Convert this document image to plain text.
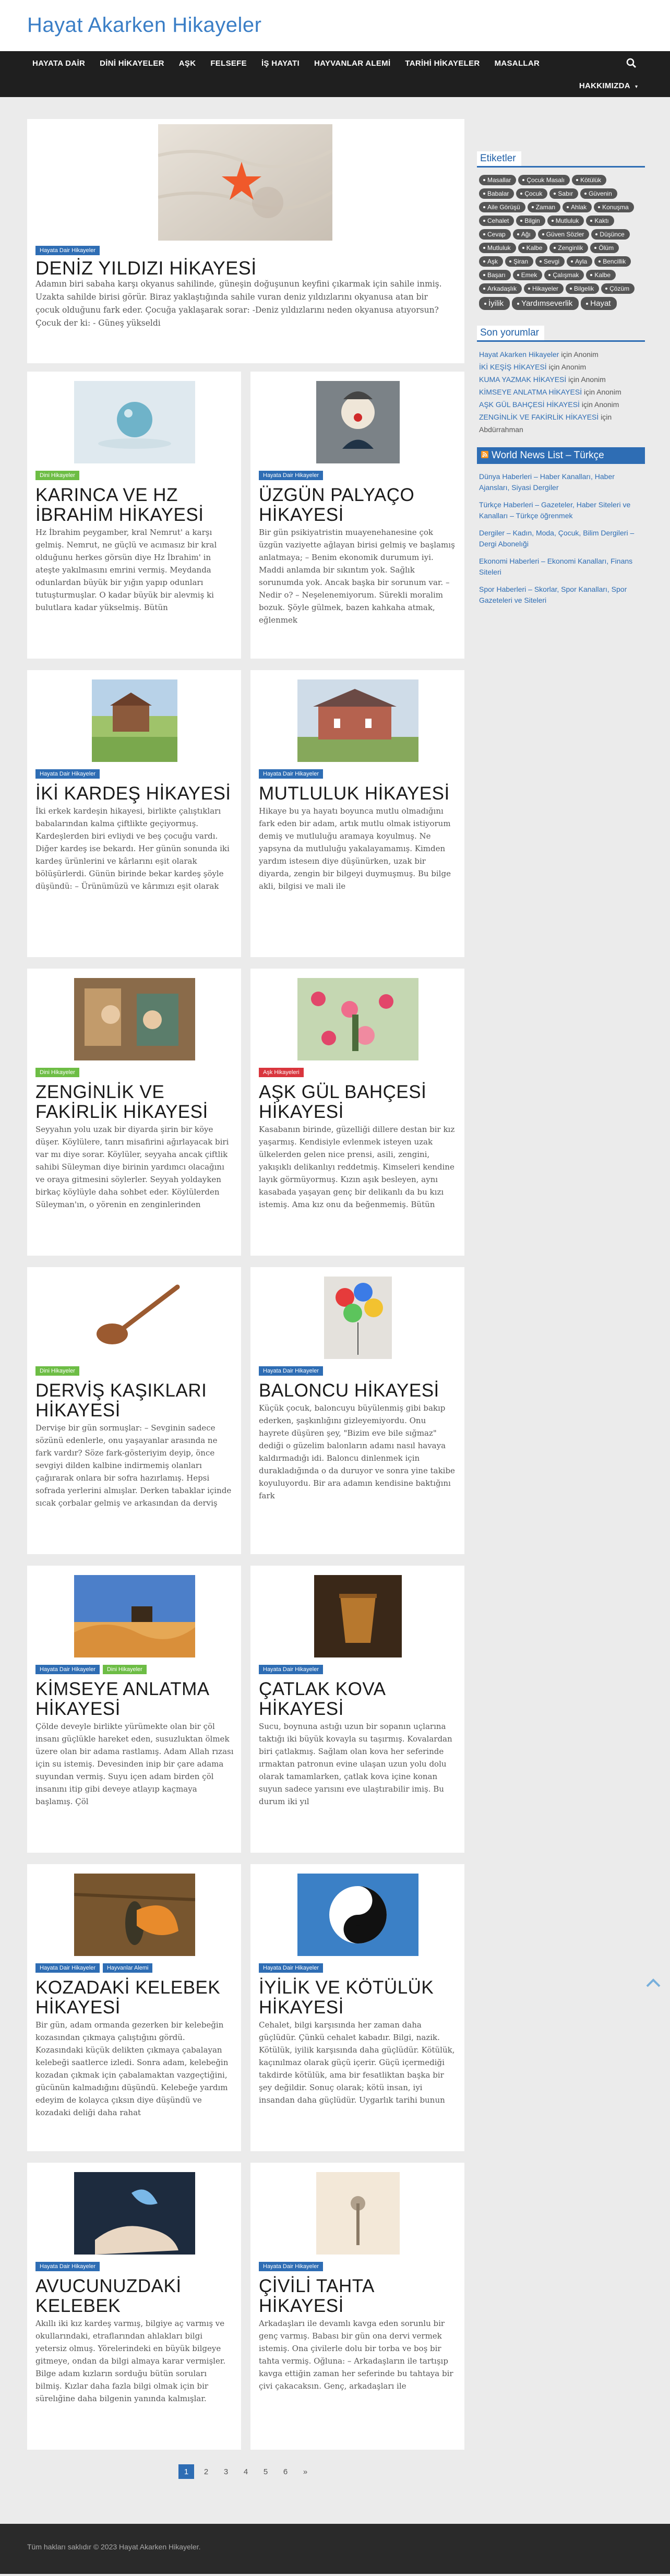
Hayat Akarken Hikayeler
HAYATA DAİR	DİNİ HİKAYELER	AŞK	FELSEFE	İŞ HAYATI	HAYVANLAR ALEMİ	TARİHİ HİKAYELER	MASALLAR
HAKKIMIZDA ▾
Hayata Dair Hikayeler
DENİZ YILDIZI HİKAYESİ

Adamın biri sabaha karşı okyanus sahilinde, güneşin doğuşunun keyfini çıkarmak için sahile inmiş. Uzakta sahilde birisi görür. Biraz yaklaştığında sahile vuran deniz yıldızlarını okyanusa atan bir çocuk olduğunu fark eder. Çocuğa yaklaşarak sorar: -Deniz yıldızlarını neden okyanusa atıyorsun? Çocuk der ki: - Güneş yükseldi

Dini Hikayeler
KARINCA VE HZ İBRAHİM HİKAYESİ

Hz İbrahim peygamber, kral Nemrut' a karşı gelmiş. Nemrut, ne güçlü ve acımasız bir kral olduğunu herkes görsün diye Hz İbrahim' in ateşte yakılmasını emrini vermiş. Meydanda odunlardan büyük bir yığın yapıp odunları tutuşturmuşlar. O kadar büyük bir alevmiş ki bulutlara kadar yükselmiş. Bütün

Hayata Dair Hikayeler
ÜZGÜN PALYAÇO HİKAYESİ

Bir gün psikiyatristin muayenehanesine çok üzgün vaziyette ağlayan birisi gelmiş ve başlamış anlatmaya; – Benim ekonomik durumum iyi. Maddi anlamda bir sıkıntım yok. Sağlık sorunumda yok. Ancak başka bir sorunum var. – Nedir o? – Neşelenemiyorum. Sürekli moralim bozuk. Şöyle gülmek, bazen kahkaha atmak, eğlenmek

Hayata Dair Hikayeler
İKİ KARDEŞ HİKAYESİ

İki erkek kardeşin hikayesi, birlikte çalıştıkları babalarından kalma çiftlikte geçiyormuş. Kardeşlerden biri evliydi ve beş çocuğu vardı. Diğer kardeş ise bekardı. Her günün sonunda iki kardeş ürünlerini ve kârlarını eşit olarak bölüşürlerdi. Günün birinde bekar kardeş şöyle düşündü: – Ürünümüzü ve kârımızı eşit olarak

Hayata Dair Hikayeler
MUTLULUK HİKAYESİ

Hikaye bu ya hayatı boyunca mutlu olmadığını fark eden bir adam, artık mutlu olmak istiyorum demiş ve mutluluğu aramaya koyulmuş. Ne yapsyna da mutluluğu yakalayamamış. Kimden yardım isteseın diye düşünürken, uzak bir diyarda, zengin bir bilgeyi duymuşmuş. Bu bilge akli, bilgisi ve mali ile

Dini Hikayeler
ZENGİNLİK VE FAKİRLİK HİKAYESİ

Seyyahın yolu uzak bir diyarda şirin bir köye düşer. Köylülere, tanrı misafirini ağırlayacak biri var mı diye sorar. Köylüler, seyyaha ancak çiftlik sahibi Süleyman diye birinin yardımcı olacağını ve oraya gitmesini söylerler. Seyyah yoldayken birkaç köylüyle daha sohbet eder. Köylülerden Süleyman'ın, o yörenin en zenginlerinden

Aşk Hikayeleri
AŞK GÜL BAHÇESİ HİKAYESİ

Kasabanın birinde, güzelliği dillere destan bir kız yaşarmış. Kendisiyle evlenmek isteyen uzak ülkelerden gelen nice prensi, asili, zengini, yakışıklı delikanlıyı reddetmiş. Kimseleri kendine layık görmüyormuş. Kızın aşık besleyen, aynı kasabada yaşayan genç bir delikanlı da bu kızı istemiş. Ama kız onu da beğenmemiş. Bütün

Dini Hikayeler
DERVİŞ KAŞIKLARI HİKAYESİ

Dervişe bir gün sormuşlar: – Sevginin sadece sözünü edenlerle, onu yaşayanlar arasında ne fark vardır? Söze fark-gösteriyim deyip, önce sevgiyi dilden kalbine indirmemiş olanları çağırarak onlara bir sofra hazırlamış. Hepsi sofrada yerlerini almışlar. Derken tabaklar içinde sıcak çorbalar gelmiş ve arkasından da derviş

Hayata Dair Hikayeler
BALONCU HİKAYESİ

Küçük çocuk, baloncuyu büyülenmiş gibi bakıp ederken, şaşkınlığını gizleyemiyordu. Onu hayrete düşüren şey, "Bizim eve bile sığmaz" dediği o güzelim balonların adamı nasıl havaya kaldırmadığı idi. Baloncu dinlenmek için durakladığında o da duruyor ve sonra yine takibe koyuluyordu. Bir ara adamın kendisine baktığını fark

Hayata Dair Hikayeler	Dini Hikayeler
KİMSEYE ANLATMA HİKAYESİ

Çölde deveyle birlikte yürümekte olan bir çöl insanı güçlükle hareket eden, susuzluktan ölmek üzere olan bir adama rastlamış. Adam Allah rızası için su istemiş. Devesinden inip bir çare adama suyundan vermiş. Suyu içen adam birden çöl insanını itip gibi deveye atlayıp kaçmaya başlamış. Çöl

Hayata Dair Hikayeler
ÇATLAK KOVA HİKAYESİ

Sucu, boynuna astığı uzun bir sopanın uçlarına taktığı iki büyük kovayla su taşırmış. Kovalardan biri çatlakmış. Sağlam olan kova her seferinde ırmaktan patronun evine ulaşan uzun yolu dolu olarak tamamlarken, çatlak kova içine konan suyun sadece yarısını eve ulaştırabilir imiş. Bu durum iki yıl

Hayata Dair Hikayeler	Hayvanlar Alemi
KOZADAKİ KELEBEK HİKAYESİ

Bir gün, adam ormanda gezerken bir kelebeğin kozasından çıkmaya çalıştığını gördü. Kozasındaki küçük delikten çıkmaya çabalayan kelebeği saatlerce izledi. Sonra adam, kelebeğin kozadan çıkmak için çabalamaktan vazgeçtiğini, gücünün kalmadığını düşündü. Kelebeğe yardım edeyim de kolayca çıksın diye düşündü ve kozadaki deliği daha rahat

Hayata Dair Hikayeler
İYİLİK VE KÖTÜLÜK HİKAYESİ

Cehalet, bilgi karşısında her zaman daha güçlüdür. Çünkü cehalet kabadır. Bilgi, nazik. Kötülük, iyilik karşısında daha güçlüdür. Kötülük, kaçınılmaz olarak güçü içerir. Güçü içermediği takdirde kötülük, ama bir fesatliktan başka bir şey değildir. Sonuç olarak; kötü insan, iyi insandan daha güçlüdür. Uygarlık tarihi bunun

Hayata Dair Hikayeler
AVUCUNUZDAKİ KELEBEK

Akıllı iki kız kardeş varmış, bilgiye aç varmış ve okullarındaki, etraflarından ahlakları bilgi yetersiz olmuş. Yörelerindeki en büyük bilgeye gitmeye, ondan da bilgi almaya karar vermişler. Bilge adam kızların sorduğu bütün soruları bilmiş. Kızlar daha fazla bilgi olmak için bir sürelığine daha bilgenin yanında kalmışlar.

Hayata Dair Hikayeler
ÇİVİLİ TAHTA HİKAYESİ

Arkadaşları ile devamlı kavga eden sorunlu bir genç varmış. Babası bir gün ona dervi vermek istemiş. Ona çivilerle dolu bir torba ve boş bir tahta vermiş. Oğluna: – Arkadaşların ile tartışıp kavga ettiğin zaman her seferinde bu tahtaya bir çivi çakacaksın. Genç, arkadaşları ile

1	2	3	4	5	6	»
Etiketler
Masallar	Çocuk Masalı	Kötülük
Babalar	Çocuk	Sabır	Güvenin
Aile Görüşü	Zaman	Ahlak	Konuşma
Cehalet	Bilgin	Mutluluk	Kaktı
Cevap	Ağı	Güven Sözler	Düşünce
Mutluluk	Kalbe	Zenginlik	Ölüm
Aşk	Şiran	Sevgi	Ayla	Bencillik
Başarı	Emek	Çalışmak	Kalbe
Arkadaşlık	Hikayeler	Bilgelik	Çözüm
İyilik Yardımseverlik Hayat
Son yorumlar
Hayat Akarken Hikayeler için Anonim
İKİ KEŞİŞ HİKAYESİ için Anonim
KUMA YAZMAK HİKAYESİ için Anonim
KİMSEYE ANLATMA HİKAYESİ için Anonim
AŞK GÜL BAHÇESİ HİKAYESİ için Anonim
ZENGİNLİK VE FAKİRLİK HİKAYESİ için Abdürrahman
World News List – Türkçe
Dünya Haberleri – Haber Kanalları, Haber Ajansları, Siyasi Dergiler
Türkçe Haberleri – Gazeteler, Haber Siteleri ve Kanalları – Türkçe öğrenmek
Dergiler – Kadın, Moda, Çocuk, Bilim Dergileri – Dergi Abonelıği
Ekonomi Haberleri – Ekonomi Kanalları, Finans Siteleri
Spor Haberleri – Skorlar, Spor Kanalları, Spor Gazeteleri ve Siteleri
Tüm hakları saklıdır © 2023 Hayat Akarken Hikayeler.
